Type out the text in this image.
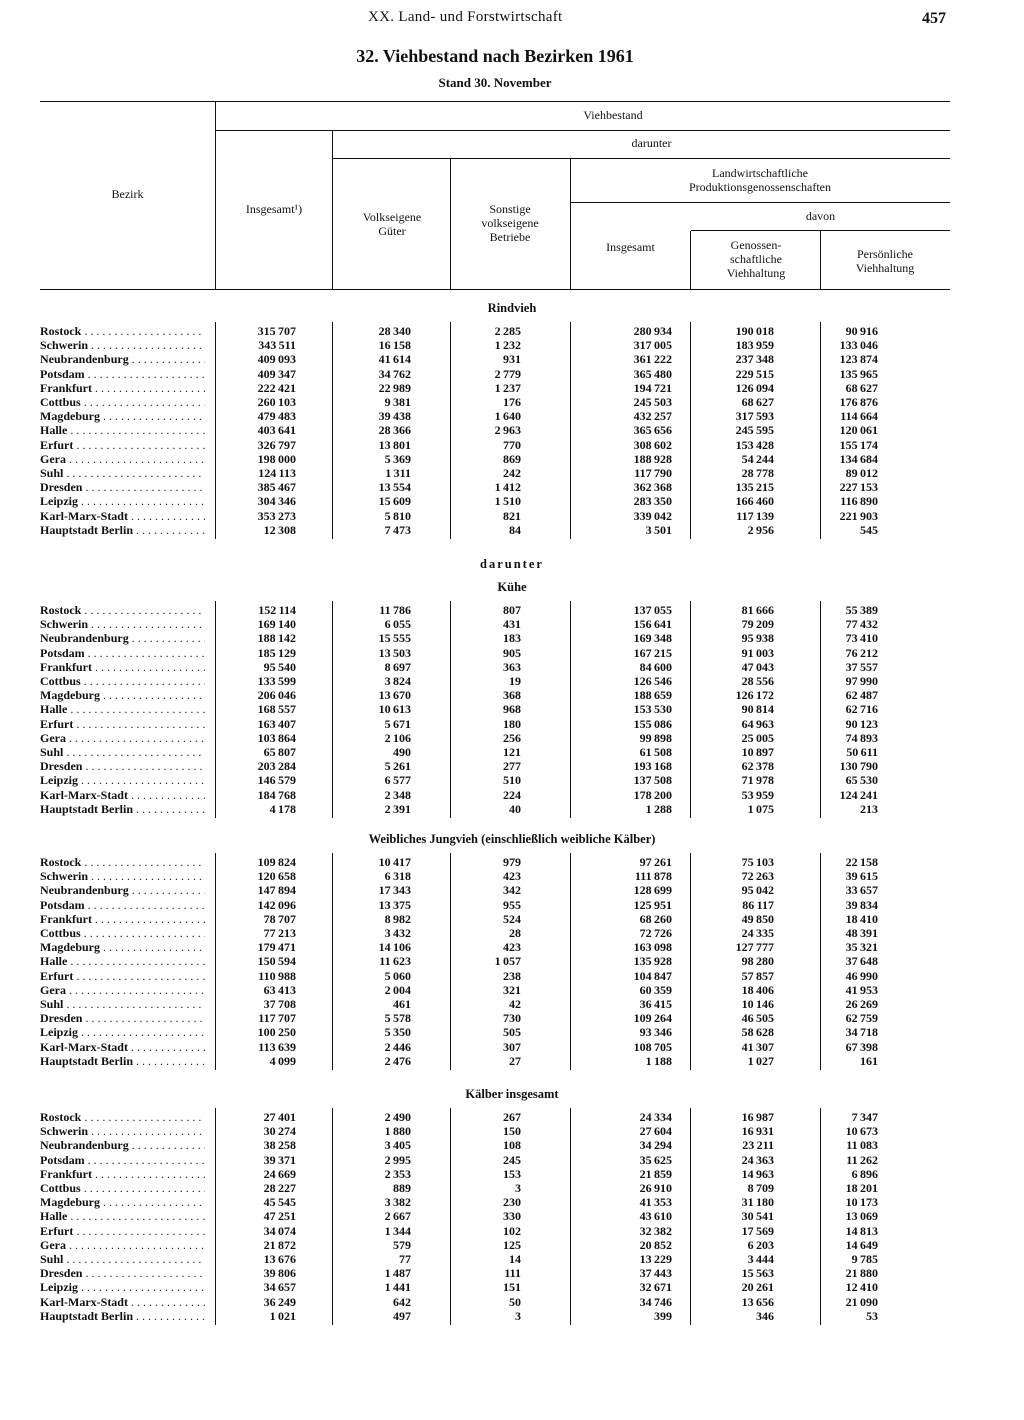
XX. Land- und Forstwirtschaft	457
32. Viehbestand nach Bezirken 1961
Stand 30. November
Bezirk
Viehbestand
Insgesamt¹)
darunter
Volkseigene Güter
Sonstige volkseigene Betriebe
Landwirtschaftliche Produktionsgenossenschaften
Insgesamt
davon
Genossen- schaftliche Viehhaltung
Persönliche Viehhaltung
Rindvieh
Rostock . . .	315 707	28 340	2 285	280 934	190 018	90 916
Schwerin . . .	343 511	16 158	1 232	317 005	183 959	133 046
Neubrandenburg . . .	409 093	41 614	931	361 222	237 348	123 874
Potsdam . . .	409 347	34 762	2 779	365 480	229 515	135 965
Frankfurt . . .	222 421	22 989	1 237	194 721	126 094	68 627
Cottbus . . .	260 103	9 381	176	245 503	68 627	176 876
Magdeburg . . .	479 483	39 438	1 640	432 257	317 593	114 664
Halle . . .	403 641	28 366	2 963	365 656	245 595	120 061
Erfurt . . .	326 797	13 801	770	308 602	153 428	155 174
Gera . . .	198 000	5 369	869	188 928	54 244	134 684
Suhl . . .	124 113	1 311	242	117 790	28 778	89 012
Dresden . . .	385 467	13 554	1 412	362 368	135 215	227 153
Leipzig . . .	304 346	15 609	1 510	283 350	166 460	116 890
Karl-Marx-Stadt . . .	353 273	5 810	821	339 042	117 139	221 903
Hauptstadt Berlin . . .	12 308	7 473	84	3 501	2 956	545
darunter
Kühe
Rostock . . .	152 114	11 786	807	137 055	81 666	55 389
Schwerin . . .	169 140	6 055	431	156 641	79 209	77 432
Neubrandenburg . . .	188 142	15 555	183	169 348	95 938	73 410
Potsdam . . .	185 129	13 503	905	167 215	91 003	76 212
Frankfurt . . .	95 540	8 697	363	84 600	47 043	37 557
Cottbus . . .	133 599	3 824	19	126 546	28 556	97 990
Magdeburg . . .	206 046	13 670	368	188 659	126 172	62 487
Halle . . .	168 557	10 613	968	153 530	90 814	62 716
Erfurt . . .	163 407	5 671	180	155 086	64 963	90 123
Gera . . .	103 864	2 106	256	99 898	25 005	74 893
Suhl . . .	65 807	490	121	61 508	10 897	50 611
Dresden . . .	203 284	5 261	277	193 168	62 378	130 790
Leipzig . . .	146 579	6 577	510	137 508	71 978	65 530
Karl-Marx-Stadt . . .	184 768	2 348	224	178 200	53 959	124 241
Hauptstadt Berlin . . .	4 178	2 391	40	1 288	1 075	213
Weibliches Jungvieh (einschließlich weibliche Kälber)
Rostock . . .	109 824	10 417	979	97 261	75 103	22 158
Schwerin . . .	120 658	6 318	423	111 878	72 263	39 615
Neubrandenburg . . .	147 894	17 343	342	128 699	95 042	33 657
Potsdam . . .	142 096	13 375	955	125 951	86 117	39 834
Frankfurt . . .	78 707	8 982	524	68 260	49 850	18 410
Cottbus . . .	77 213	3 432	28	72 726	24 335	48 391
Magdeburg . . .	179 471	14 106	423	163 098	127 777	35 321
Halle . . .	150 594	11 623	1 057	135 928	98 280	37 648
Erfurt . . .	110 988	5 060	238	104 847	57 857	46 990
Gera . . .	63 413	2 004	321	60 359	18 406	41 953
Suhl . . .	37 708	461	42	36 415	10 146	26 269
Dresden . . .	117 707	5 578	730	109 264	46 505	62 759
Leipzig . . .	100 250	5 350	505	93 346	58 628	34 718
Karl-Marx-Stadt . . .	113 639	2 446	307	108 705	41 307	67 398
Hauptstadt Berlin . . .	4 099	2 476	27	1 188	1 027	161
Kälber insgesamt
Rostock . . .	27 401	2 490	267	24 334	16 987	7 347
Schwerin . . .	30 274	1 880	150	27 604	16 931	10 673
Neubrandenburg . . .	38 258	3 405	108	34 294	23 211	11 083
Potsdam . . .	39 371	2 995	245	35 625	24 363	11 262
Frankfurt . . .	24 669	2 353	153	21 859	14 963	6 896
Cottbus . . .	28 227	889	3	26 910	8 709	18 201
Magdeburg . . .	45 545	3 382	230	41 353	31 180	10 173
Halle . . .	47 251	2 667	330	43 610	30 541	13 069
Erfurt . . .	34 074	1 344	102	32 382	17 569	14 813
Gera . . .	21 872	579	125	20 852	6 203	14 649
Suhl . . .	13 676	77	14	13 229	3 444	9 785
Dresden . . .	39 806	1 487	111	37 443	15 563	21 880
Leipzig . . .	34 657	1 441	151	32 671	20 261	12 410
Karl-Marx-Stadt . . .	36 249	642	50	34 746	13 656	21 090
Hauptstadt Berlin . . .	1 021	497	3	399	346	53
